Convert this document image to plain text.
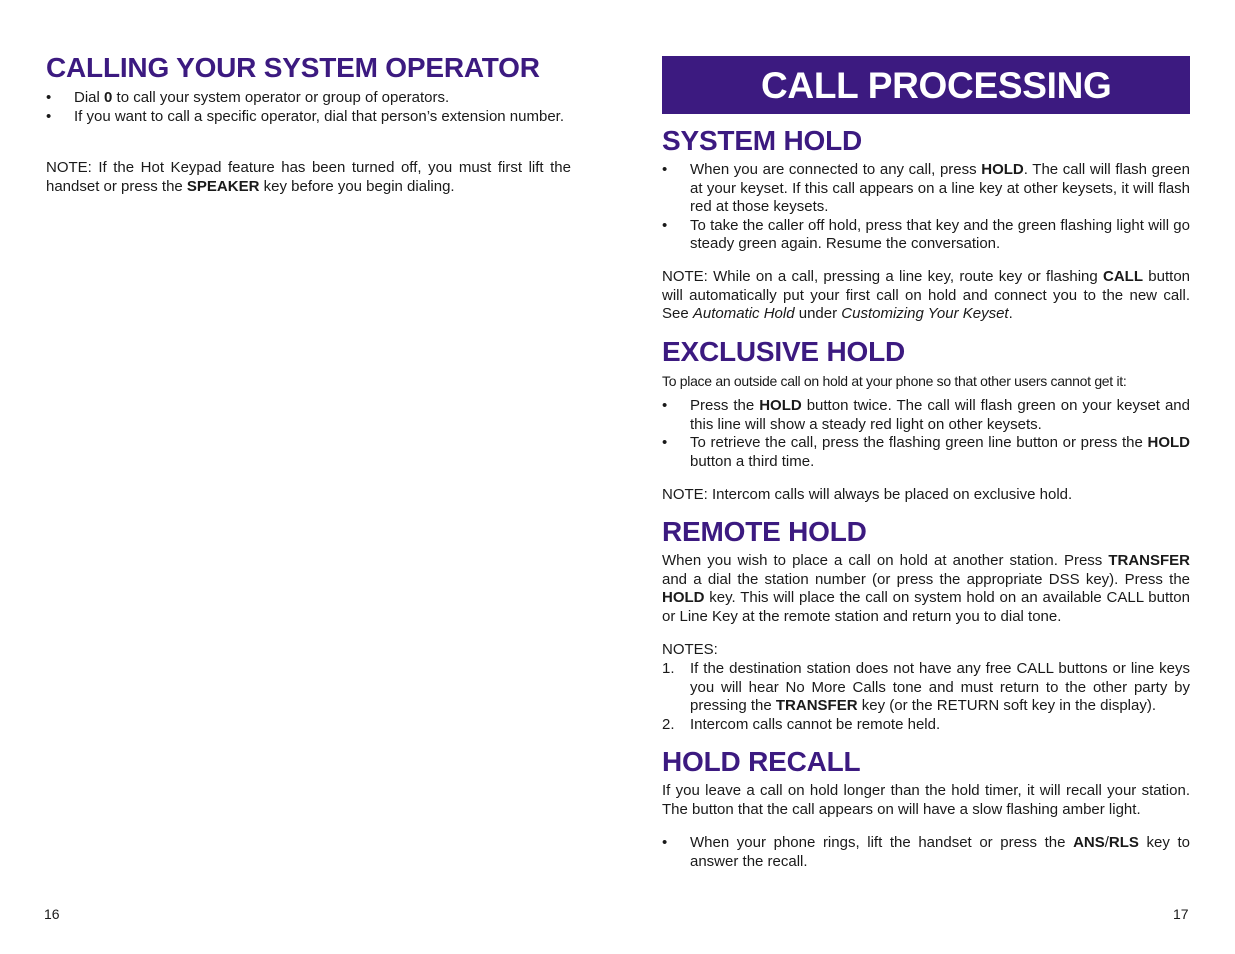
CALLING YOUR SYSTEM OPERATOR
• Dial 0 to call your system operator or group of operators.
• If you want to call a specific operator, dial that person’s extension number.

NOTE: If the Hot Keypad feature has been turned off, you must first lift the handset or press the SPEAKER key before you begin dialing.

16
CALL PROCESSING
SYSTEM HOLD
• When you are connected to any call, press HOLD. The call will flash green at your keyset. If this call appears on a line key at other keysets, it will flash red at those keysets.
• To take the caller off hold, press that key and the green flashing light will go steady green again. Resume the conversation.

NOTE: While on a call, pressing a line key, route key or flashing CALL button will automatically put your first call on hold and connect you to the new call. See Automatic Hold under Customizing Your Keyset.

EXCLUSIVE HOLD

To place an outside call on hold at your phone so that other users cannot get it:

• Press the HOLD button twice. The call will flash green on your keyset and this line will show a steady red light on other keysets.
• To retrieve the call, press the flashing green line button or press the HOLD button a third time.

NOTE: Intercom calls will always be placed on exclusive hold.

REMOTE HOLD

When you wish to place a call on hold at another station. Press TRANSFER and a dial the station number (or press the appropriate DSS key). Press the HOLD key. This will place the call on system hold on an available CALL button or Line Key at the remote station and return you to dial tone.

NOTES:

1. If the destination station does not have any free CALL buttons or line keys you will hear No More Calls tone and must return to the other party by pressing the TRANSFER key (or the RETURN soft key in the display).
2. Intercom calls cannot be remote held.
HOLD RECALL

If you leave a call on hold longer than the hold timer, it will recall your station. The button that the call appears on will have a slow flashing amber light.

• When your phone rings, lift the handset or press the ANS/RLS key to answer the recall.
17
